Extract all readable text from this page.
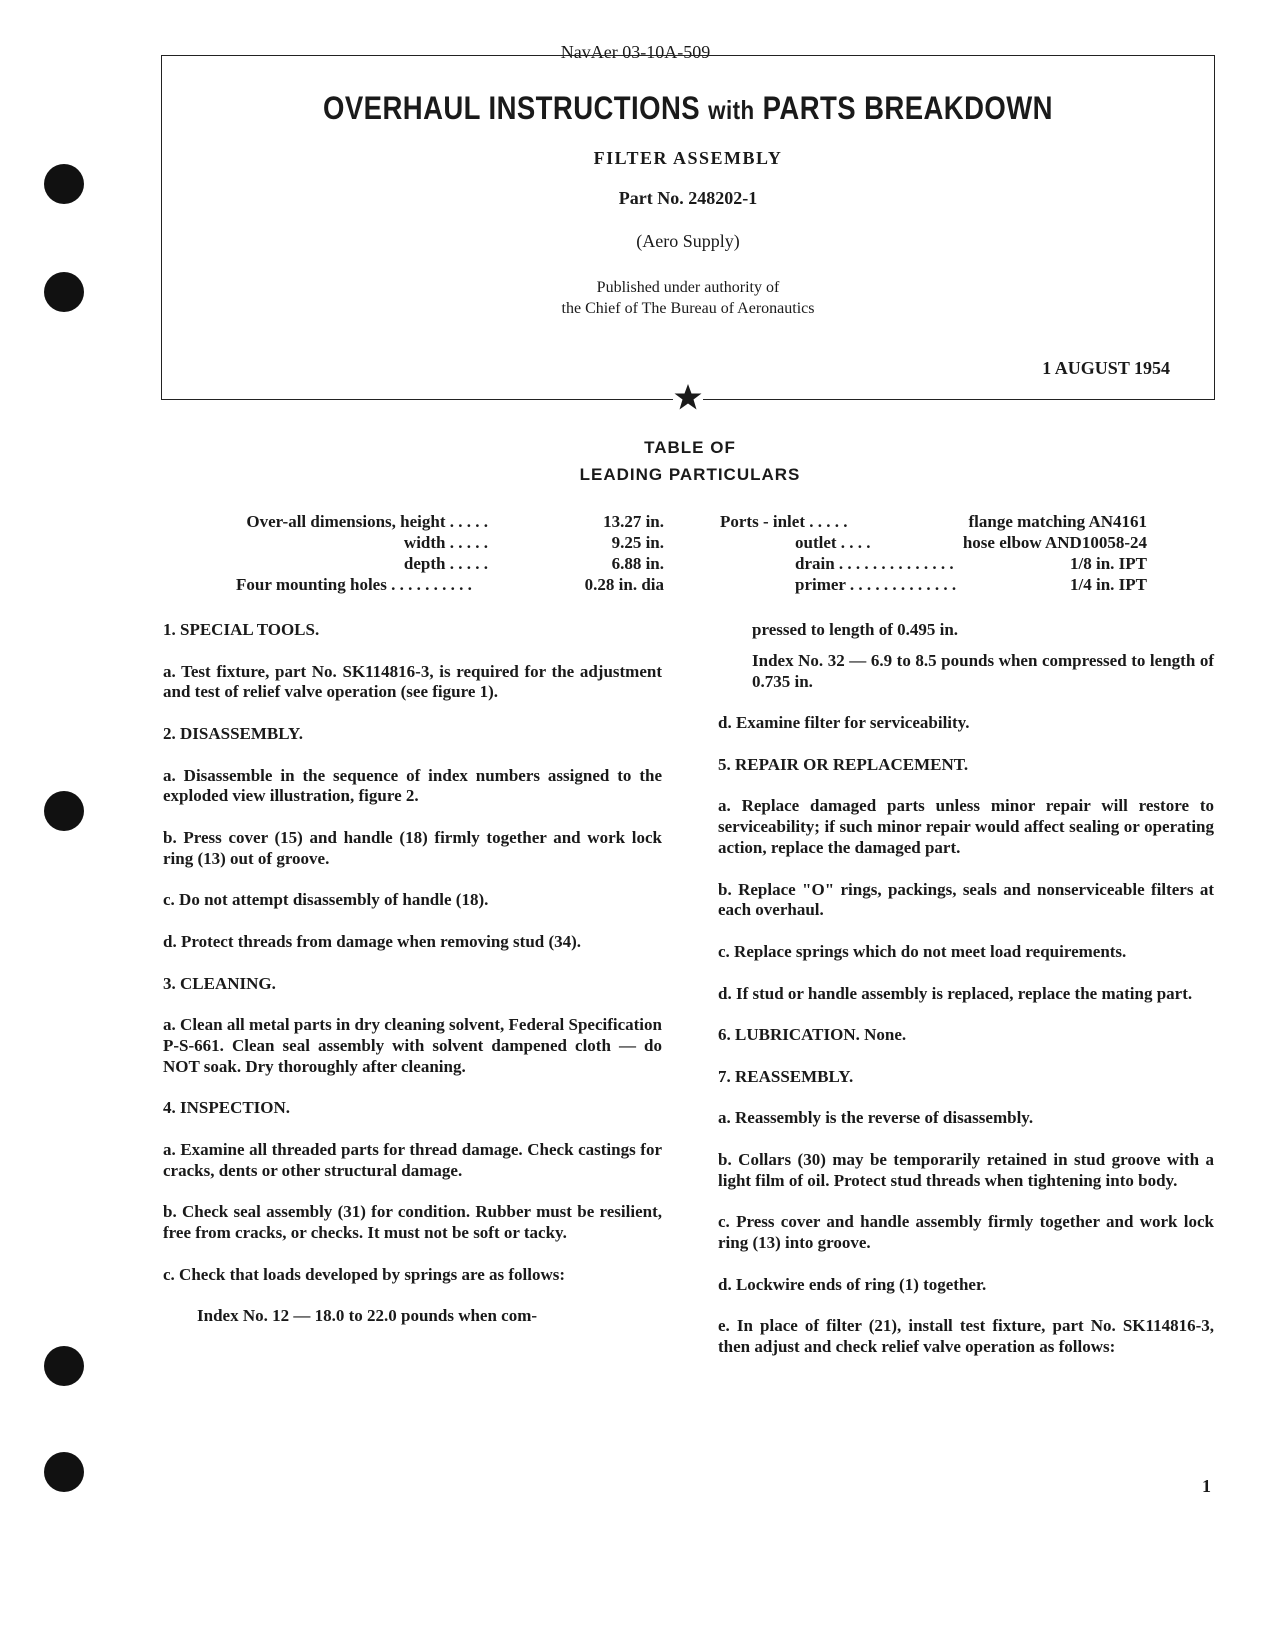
NavAer 03-10A-509
OVERHAUL INSTRUCTIONS with PARTS BREAKDOWN
FILTER ASSEMBLY
Part No. 248202-1
(Aero Supply)
Published under authority of
the Chief of The Bureau of Aeronautics
1 AUGUST 1954
TABLE OF
LEADING PARTICULARS
Over-all dimensions, height . . . . .	13.27 in.
width . . . . .	9.25 in.
depth . . . . .	6.88 in.
Four mounting holes . . . . . . . . . .	0.28 in. dia
Ports - inlet . . . . .	flange matching AN4161
outlet . . . .	hose elbow AND10058-24
drain . . . . . . . . . . . . . .	1/8 in. IPT
primer . . . . . . . . . . . . .	1/4 in. IPT

1. SPECIAL TOOLS.

a. Test fixture, part No. SK114816-3, is required for the adjustment and test of relief valve operation (see figure 1).

2. DISASSEMBLY.

a. Disassemble in the sequence of index numbers assigned to the exploded view illustration, figure 2.

b. Press cover (15) and handle (18) firmly together and work lock ring (13) out of groove.

c. Do not attempt disassembly of handle (18).

d. Protect threads from damage when removing stud (34).

3. CLEANING.

a. Clean all metal parts in dry cleaning solvent, Federal Specification P-S-661. Clean seal assembly with solvent dampened cloth — do NOT soak. Dry thoroughly after cleaning.

4. INSPECTION.

a. Examine all threaded parts for thread damage. Check castings for cracks, dents or other structural damage.

b. Check seal assembly (31) for condition. Rubber must be resilient, free from cracks, or checks. It must not be soft or tacky.

c. Check that loads developed by springs are as follows:

Index No. 12 — 18.0 to 22.0 pounds when com-

pressed to length of 0.495 in.

Index No. 32 — 6.9 to 8.5 pounds when compressed to length of 0.735 in.

d. Examine filter for serviceability.

5. REPAIR OR REPLACEMENT.

a. Replace damaged parts unless minor repair will restore to serviceability; if such minor repair would affect sealing or operating action, replace the damaged part.

b. Replace "O" rings, packings, seals and nonserviceable filters at each overhaul.

c. Replace springs which do not meet load requirements.

d. If stud or handle assembly is replaced, replace the mating part.

6. LUBRICATION. None.

7. REASSEMBLY.

a. Reassembly is the reverse of disassembly.

b. Collars (30) may be temporarily retained in stud groove with a light film of oil. Protect stud threads when tightening into body.

c. Press cover and handle assembly firmly together and work lock ring (13) into groove.

d. Lockwire ends of ring (1) together.

e. In place of filter (21), install test fixture, part No. SK114816-3, then adjust and check relief valve operation as follows:

1
